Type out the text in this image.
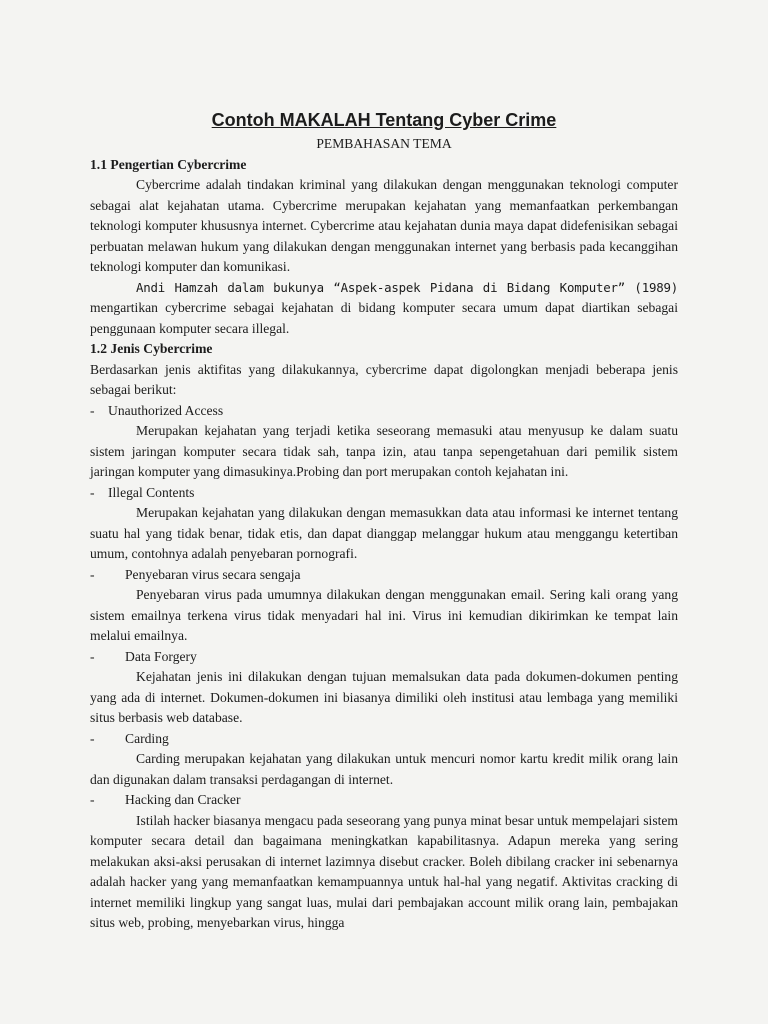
Contoh MAKALAH Tentang Cyber Crime

PEMBAHASAN TEMA

1.1 Pengertian Cybercrime

Cybercrime adalah tindakan kriminal yang dilakukan dengan menggunakan teknologi computer sebagai alat kejahatan utama. Cybercrime merupakan kejahatan yang memanfaatkan perkembangan teknologi komputer khususnya internet. Cybercrime atau kejahatan dunia maya dapat didefenisikan sebagai perbuatan melawan hukum yang dilakukan dengan menggunakan internet yang berbasis pada kecanggihan teknologi komputer dan komunikasi.

Andi Hamzah dalam bukunya “Aspek-aspek Pidana di Bidang Komputer” (1989) mengartikan cybercrime sebagai kejahatan di bidang komputer secara umum dapat diartikan sebagai penggunaan komputer secara illegal.

1.2 Jenis Cybercrime

Berdasarkan jenis aktifitas yang dilakukannya, cybercrime dapat digolongkan menjadi beberapa jenis sebagai berikut:

- Unauthorized Access

Merupakan kejahatan yang terjadi ketika seseorang memasuki atau menyusup ke dalam suatu sistem jaringan komputer secara tidak sah, tanpa izin, atau tanpa sepengetahuan dari pemilik sistem jaringan komputer yang dimasukinya.Probing dan port merupakan contoh kejahatan ini.

- Illegal Contents

Merupakan kejahatan yang dilakukan dengan memasukkan data atau informasi ke internet tentang suatu hal yang tidak benar, tidak etis, dan dapat dianggap melanggar hukum atau menggangu ketertiban umum, contohnya adalah penyebaran pornografi.

-	Penyebaran virus secara sengaja

Penyebaran virus pada umumnya dilakukan dengan menggunakan email. Sering kali orang yang sistem emailnya terkena virus tidak menyadari hal ini. Virus ini kemudian dikirimkan ke tempat lain melalui emailnya.

-	Data Forgery

Kejahatan jenis ini dilakukan dengan tujuan memalsukan data pada dokumen-dokumen penting yang ada di internet. Dokumen-dokumen ini biasanya dimiliki oleh institusi atau lembaga yang memiliki situs berbasis web database.

-	Carding

Carding merupakan kejahatan yang dilakukan untuk mencuri nomor kartu kredit milik orang lain dan digunakan dalam transaksi perdagangan di internet.

-	Hacking dan Cracker

Istilah hacker biasanya mengacu pada seseorang yang punya minat besar untuk mempelajari sistem komputer secara detail dan bagaimana meningkatkan kapabilitasnya. Adapun mereka yang sering melakukan aksi-aksi perusakan di internet lazimnya disebut cracker. Boleh dibilang cracker ini sebenarnya adalah hacker yang yang memanfaatkan kemampuannya untuk hal-hal yang negatif. Aktivitas cracking di internet memiliki lingkup yang sangat luas, mulai dari pembajakan account milik orang lain, pembajakan situs web, probing, menyebarkan virus, hingga
